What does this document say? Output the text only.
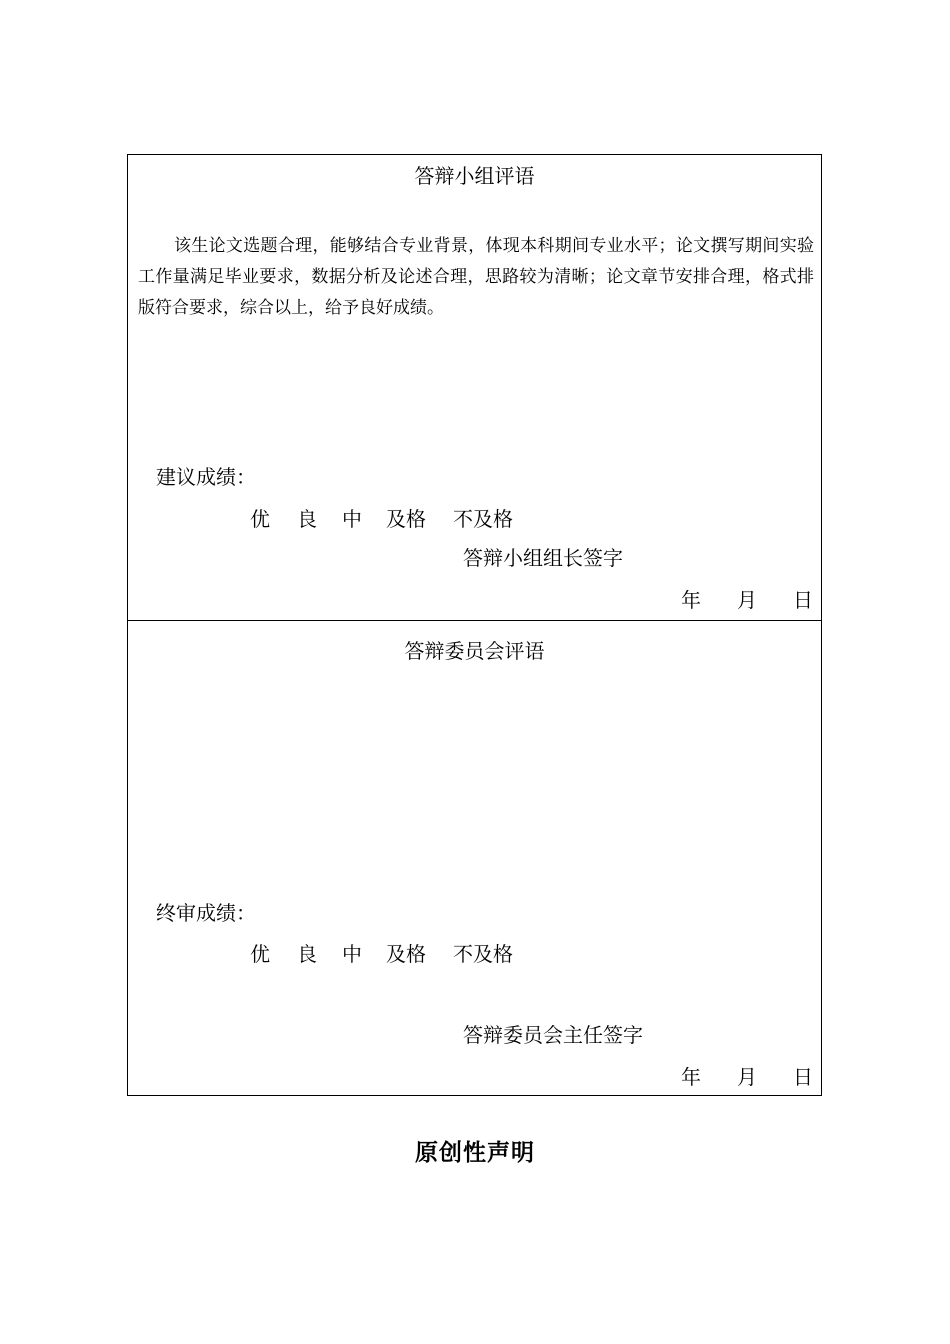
答辩小组评语
该生论文选题合理，能够结合专业背景，体现本科期间专业水平；论文撰写期间实验工作量满足毕业要求，数据分析及论述合理，思路较为清晰；论文章节安排合理，格式排版符合要求，综合以上，给予良好成绩。
建议成绩：
优 良 中 及格 不及格
答辩小组组长签字
年 月 日
答辩委员会评语
终审成绩：
优 良 中 及格 不及格
答辩委员会主任签字
年 月 日
原创性声明
